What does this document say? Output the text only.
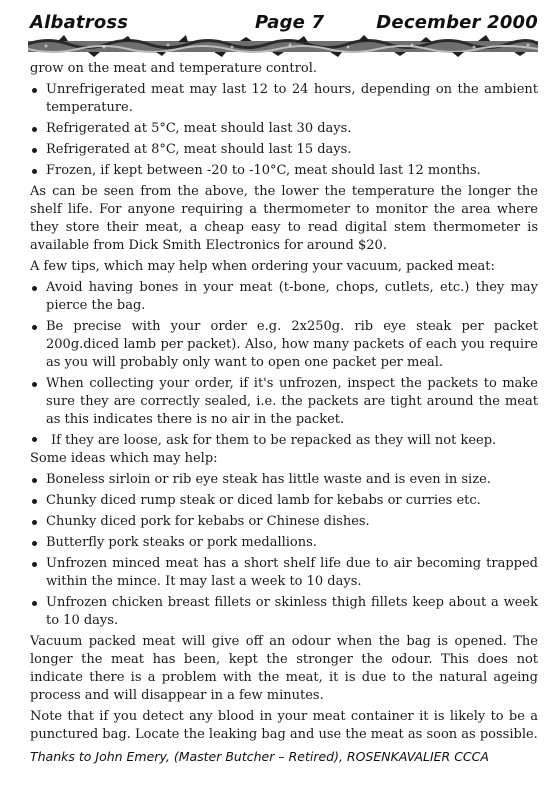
Albatross	Page 7	December 2000

grow on the meat and temperature control.

Unrefrigerated meat may last 12 to 24 hours, depending on the ambient temperature.
Refrigerated at 5°C, meat should last 30 days.
Refrigerated at 8°C, meat should last 15 days.
Frozen, if kept between -20 to -10°C, meat should last 12 months.

As can be seen from the above, the lower the temperature the longer the shelf life. For anyone requiring a thermometer to monitor the area where they store their meat, a cheap easy to read digital stem thermometer is available from Dick Smith Electronics for around $20.

A few tips, which may help when ordering your vacuum, packed meat:

Avoid having bones in your meat (t-bone, chops, cutlets, etc.) they may pierce the bag.
Be precise with your order e.g. 2x250g. rib eye steak per packet 200g.diced lamb per packet). Also, how many packets of each you require as you will probably only want to open one packet per meal.
When collecting your order, if it's unfrozen, inspect the packets to make sure they are correctly sealed, i.e. the packets are tight around the meat as this indicates there is no air in the packet.

If they are loose, ask for them to be repacked as they will not keep.

Some ideas which may help:

Boneless sirloin or rib eye steak has little waste and is even in size.
Chunky diced rump steak or diced lamb for kebabs or curries etc.
Chunky diced pork for kebabs or Chinese dishes.
Butterfly pork steaks or pork medallions.
Unfrozen minced meat has a short shelf life due to air becoming trapped within the mince. It may last a week to 10 days.
Unfrozen chicken breast fillets or skinless thigh fillets keep about a week to 10 days.

Vacuum packed meat will give off an odour when the bag is opened. The longer the meat has been, kept the stronger the odour. This does not indicate there is a problem with the meat, it is due to the natural ageing process and will disappear in a few minutes.

Note that if you detect any blood in your meat container it is likely to be a punctured bag. Locate the leaking bag and use the meat as soon as possible.

Thanks to John Emery, (Master Butcher – Retired), ROSENKAVALIER CCCA
